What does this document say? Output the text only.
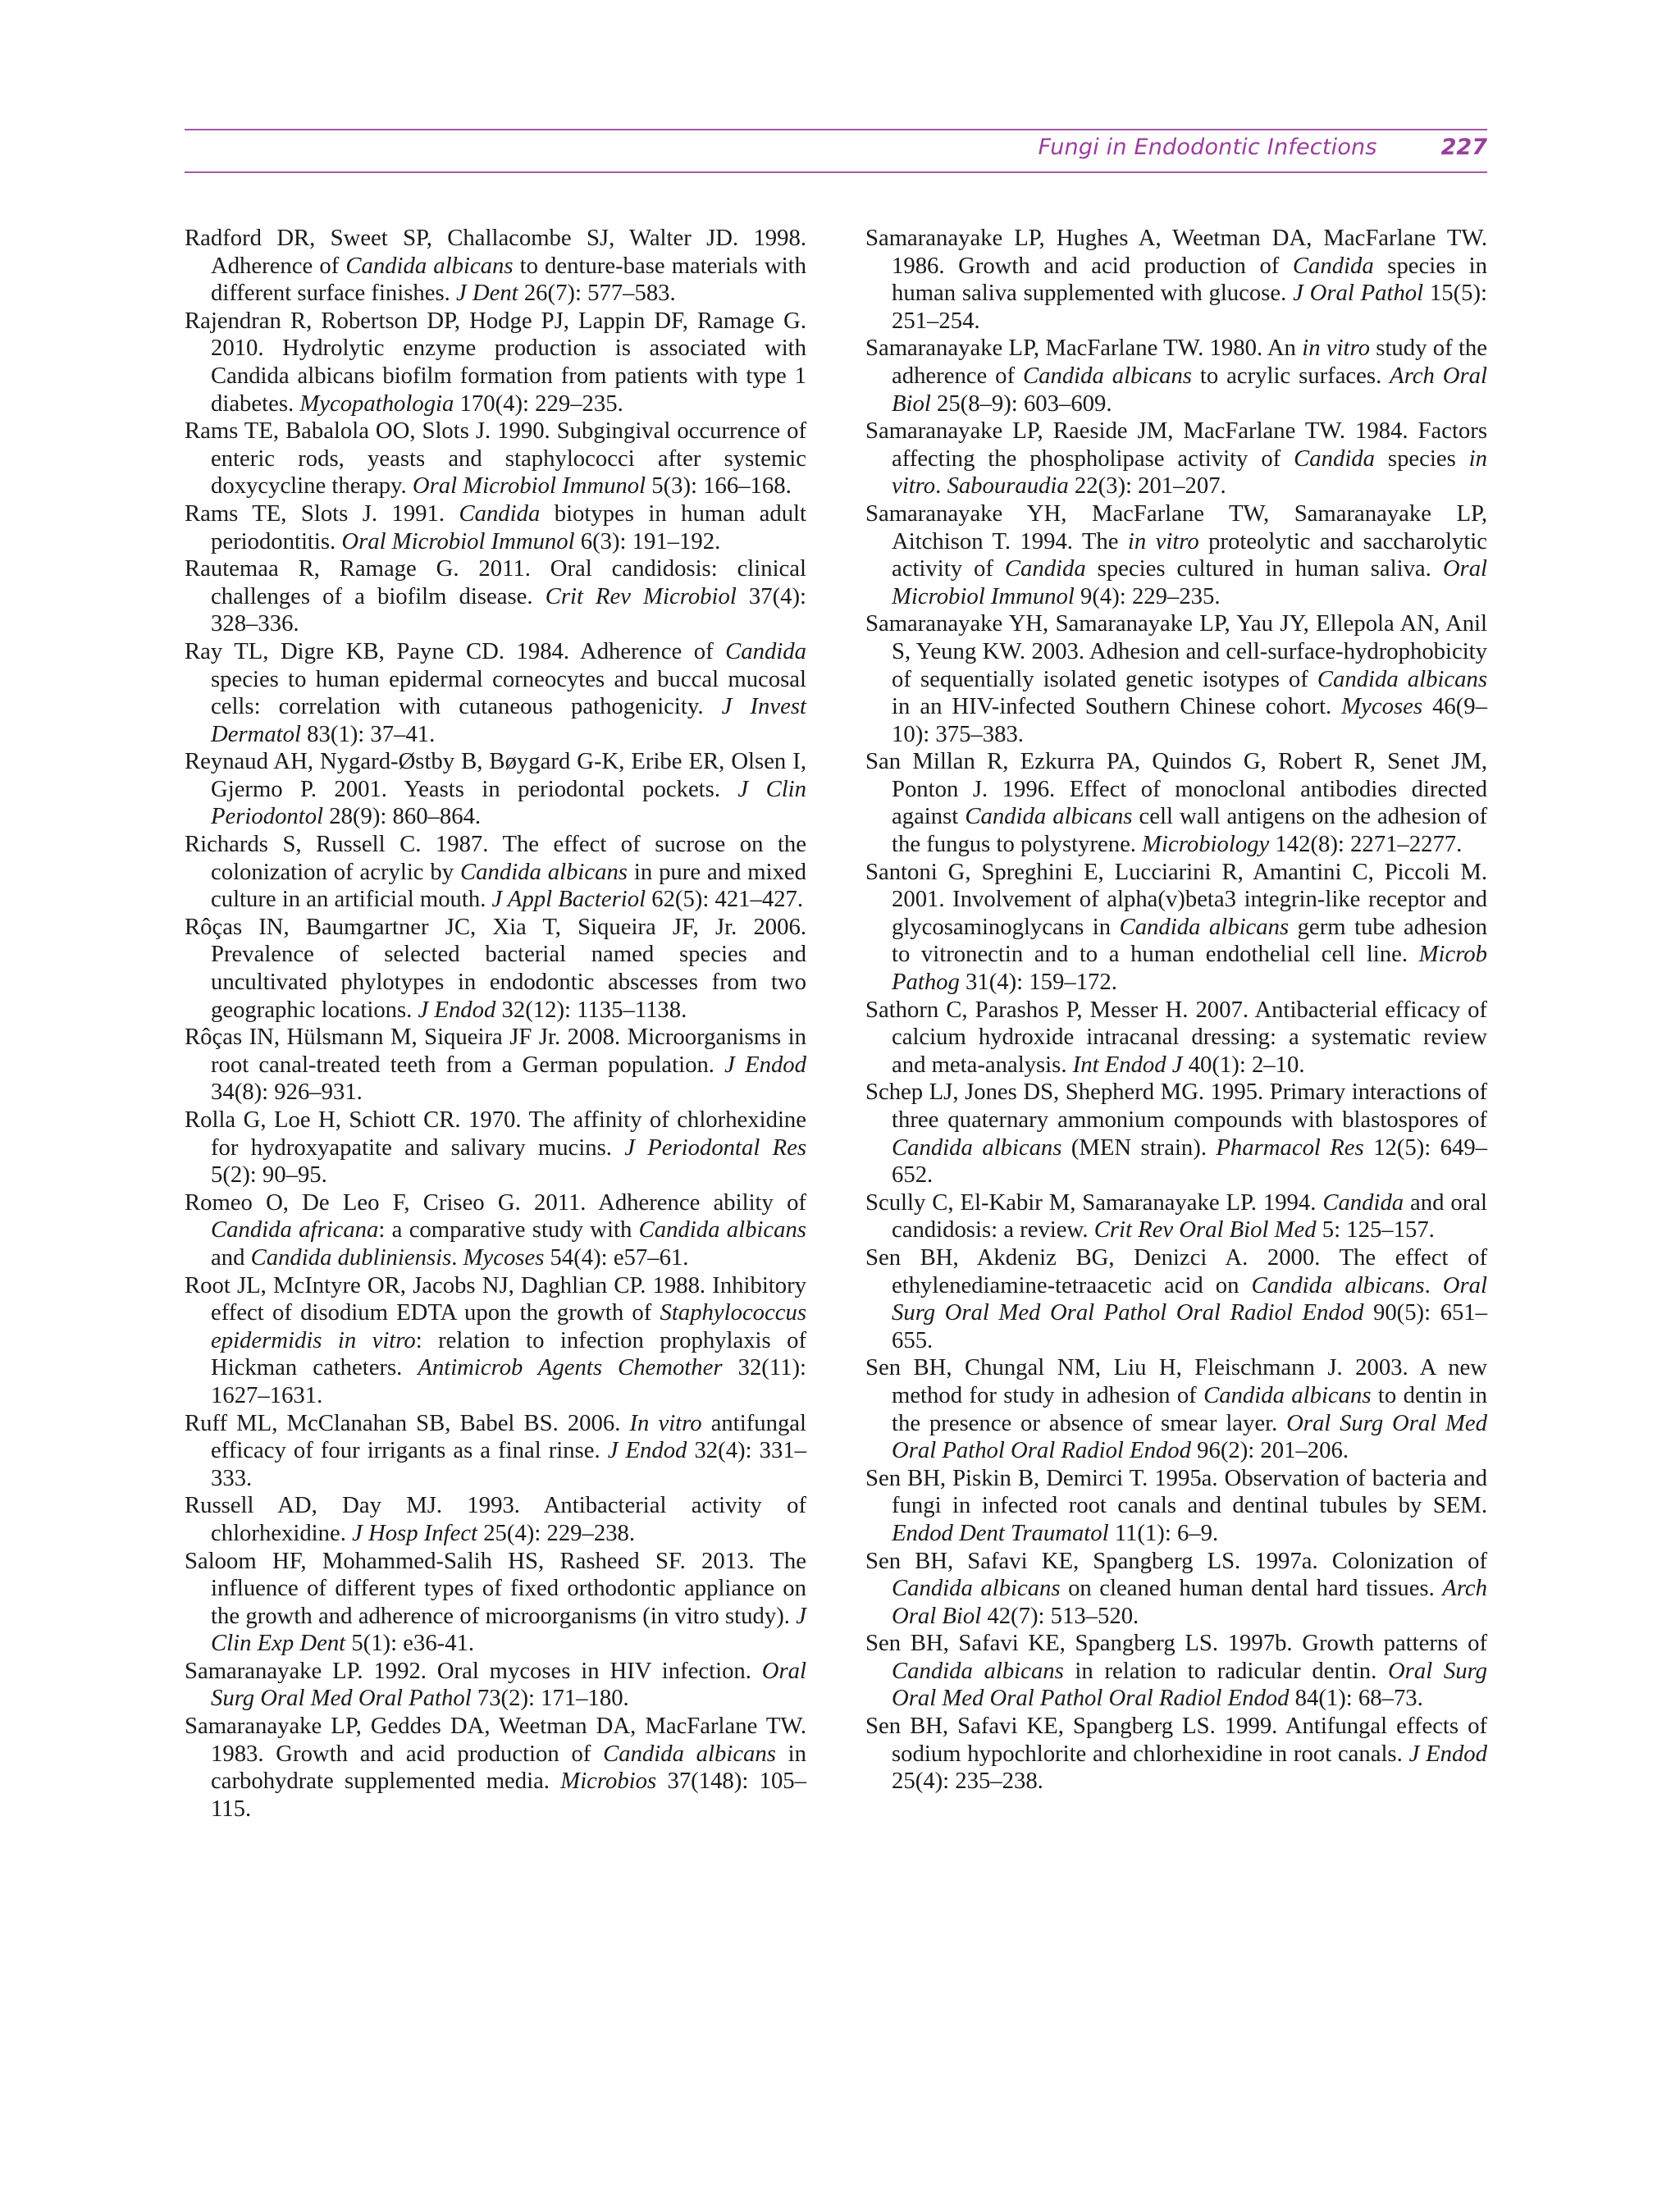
Fungi in Endodontic Infections	227

Radford DR, Sweet SP, Challacombe SJ, Walter JD. 1998. Adherence of Candida albicans to denture-base materials with different surface finishes. J Dent 26(7): 577–583.

Rajendran R, Robertson DP, Hodge PJ, Lappin DF, Ramage G. 2010. Hydrolytic enzyme production is associated with Candida albicans biofilm formation from patients with type 1 diabetes. Mycopathologia 170(4): 229–235.

Rams TE, Babalola OO, Slots J. 1990. Subgingival occurrence of enteric rods, yeasts and staphylococci after systemic doxycycline therapy. Oral Microbiol Immunol 5(3): 166–168.

Rams TE, Slots J. 1991. Candida biotypes in human adult periodontitis. Oral Microbiol Immunol 6(3): 191–192.

Rautemaa R, Ramage G. 2011. Oral candidosis: clinical challenges of a biofilm disease. Crit Rev Microbiol 37(4): 328–336.

Ray TL, Digre KB, Payne CD. 1984. Adherence of Candida species to human epidermal corneocytes and buccal mucosal cells: correlation with cutaneous pathogenicity. J Invest Dermatol 83(1): 37–41.

Reynaud AH, Nygard-Østby B, Bøygard G-K, Eribe ER, Olsen I, Gjermo P. 2001. Yeasts in periodontal pockets. J Clin Periodontol 28(9): 860–864.

Richards S, Russell C. 1987. The effect of sucrose on the colonization of acrylic by Candida albicans in pure and mixed culture in an artificial mouth. J Appl Bacteriol 62(5): 421–427.

Rôças IN, Baumgartner JC, Xia T, Siqueira JF, Jr. 2006. Prevalence of selected bacterial named species and uncultivated phylotypes in endodontic abscesses from two geographic locations. J Endod 32(12): 1135–1138.

Rôças IN, Hülsmann M, Siqueira JF Jr. 2008. Microorganisms in root canal-treated teeth from a German population. J Endod 34(8): 926–931.

Rolla G, Loe H, Schiott CR. 1970. The affinity of chlorhexidine for hydroxyapatite and salivary mucins. J Periodontal Res 5(2): 90–95.

Romeo O, De Leo F, Criseo G. 2011. Adherence ability of Candida africana: a comparative study with Candida albicans and Candida dubliniensis. Mycoses 54(4): e57–61.

Root JL, McIntyre OR, Jacobs NJ, Daghlian CP. 1988. Inhibitory effect of disodium EDTA upon the growth of Staphylococcus epidermidis in vitro: relation to infection prophylaxis of Hickman catheters. Antimicrob Agents Chemother 32(11): 1627–1631.

Ruff ML, McClanahan SB, Babel BS. 2006. In vitro antifungal efficacy of four irrigants as a final rinse. J Endod 32(4): 331–333.

Russell AD, Day MJ. 1993. Antibacterial activity of chlorhexidine. J Hosp Infect 25(4): 229–238.

Saloom HF, Mohammed-Salih HS, Rasheed SF. 2013. The influence of different types of fixed orthodontic appliance on the growth and adherence of microorganisms (in vitro study). J Clin Exp Dent 5(1): e36-41.

Samaranayake LP. 1992. Oral mycoses in HIV infection. Oral Surg Oral Med Oral Pathol 73(2): 171–180.

Samaranayake LP, Geddes DA, Weetman DA, MacFarlane TW. 1983. Growth and acid production of Candida albicans in carbohydrate supplemented media. Microbios 37(148): 105–115.

Samaranayake LP, Hughes A, Weetman DA, MacFarlane TW. 1986. Growth and acid production of Candida species in human saliva supplemented with glucose. J Oral Pathol 15(5): 251–254.

Samaranayake LP, MacFarlane TW. 1980. An in vitro study of the adherence of Candida albicans to acrylic surfaces. Arch Oral Biol 25(8–9): 603–609.

Samaranayake LP, Raeside JM, MacFarlane TW. 1984. Factors affecting the phospholipase activity of Candida species in vitro. Sabouraudia 22(3): 201–207.

Samaranayake YH, MacFarlane TW, Samaranayake LP, Aitchison T. 1994. The in vitro proteolytic and saccharolytic activity of Candida species cultured in human saliva. Oral Microbiol Immunol 9(4): 229–235.

Samaranayake YH, Samaranayake LP, Yau JY, Ellepola AN, Anil S, Yeung KW. 2003. Adhesion and cell-surface-hydrophobicity of sequentially isolated genetic isotypes of Candida albicans in an HIV-infected Southern Chinese cohort. Mycoses 46(9–10): 375–383.

San Millan R, Ezkurra PA, Quindos G, Robert R, Senet JM, Ponton J. 1996. Effect of monoclonal antibodies directed against Candida albicans cell wall antigens on the adhesion of the fungus to polystyrene. Microbiology 142(8): 2271–2277.

Santoni G, Spreghini E, Lucciarini R, Amantini C, Piccoli M. 2001. Involvement of alpha(v)beta3 integrin-like receptor and glycosaminoglycans in Candida albicans germ tube adhesion to vitronectin and to a human endothelial cell line. Microb Pathog 31(4): 159–172.

Sathorn C, Parashos P, Messer H. 2007. Antibacterial efficacy of calcium hydroxide intracanal dressing: a systematic review and meta-analysis. Int Endod J 40(1): 2–10.

Schep LJ, Jones DS, Shepherd MG. 1995. Primary interactions of three quaternary ammonium compounds with blastospores of Candida albicans (MEN strain). Pharmacol Res 12(5): 649–652.

Scully C, El-Kabir M, Samaranayake LP. 1994. Candida and oral candidosis: a review. Crit Rev Oral Biol Med 5: 125–157.

Sen BH, Akdeniz BG, Denizci A. 2000. The effect of ethylenediamine-tetraacetic acid on Candida albicans. Oral Surg Oral Med Oral Pathol Oral Radiol Endod 90(5): 651–655.

Sen BH, Chungal NM, Liu H, Fleischmann J. 2003. A new method for study in adhesion of Candida albicans to dentin in the presence or absence of smear layer. Oral Surg Oral Med Oral Pathol Oral Radiol Endod 96(2): 201–206.

Sen BH, Piskin B, Demirci T. 1995a. Observation of bacteria and fungi in infected root canals and dentinal tubules by SEM. Endod Dent Traumatol 11(1): 6–9.

Sen BH, Safavi KE, Spangberg LS. 1997a. Colonization of Candida albicans on cleaned human dental hard tissues. Arch Oral Biol 42(7): 513–520.

Sen BH, Safavi KE, Spangberg LS. 1997b. Growth patterns of Candida albicans in relation to radicular dentin. Oral Surg Oral Med Oral Pathol Oral Radiol Endod 84(1): 68–73.

Sen BH, Safavi KE, Spangberg LS. 1999. Antifungal effects of sodium hypochlorite and chlorhexidine in root canals. J Endod 25(4): 235–238.
